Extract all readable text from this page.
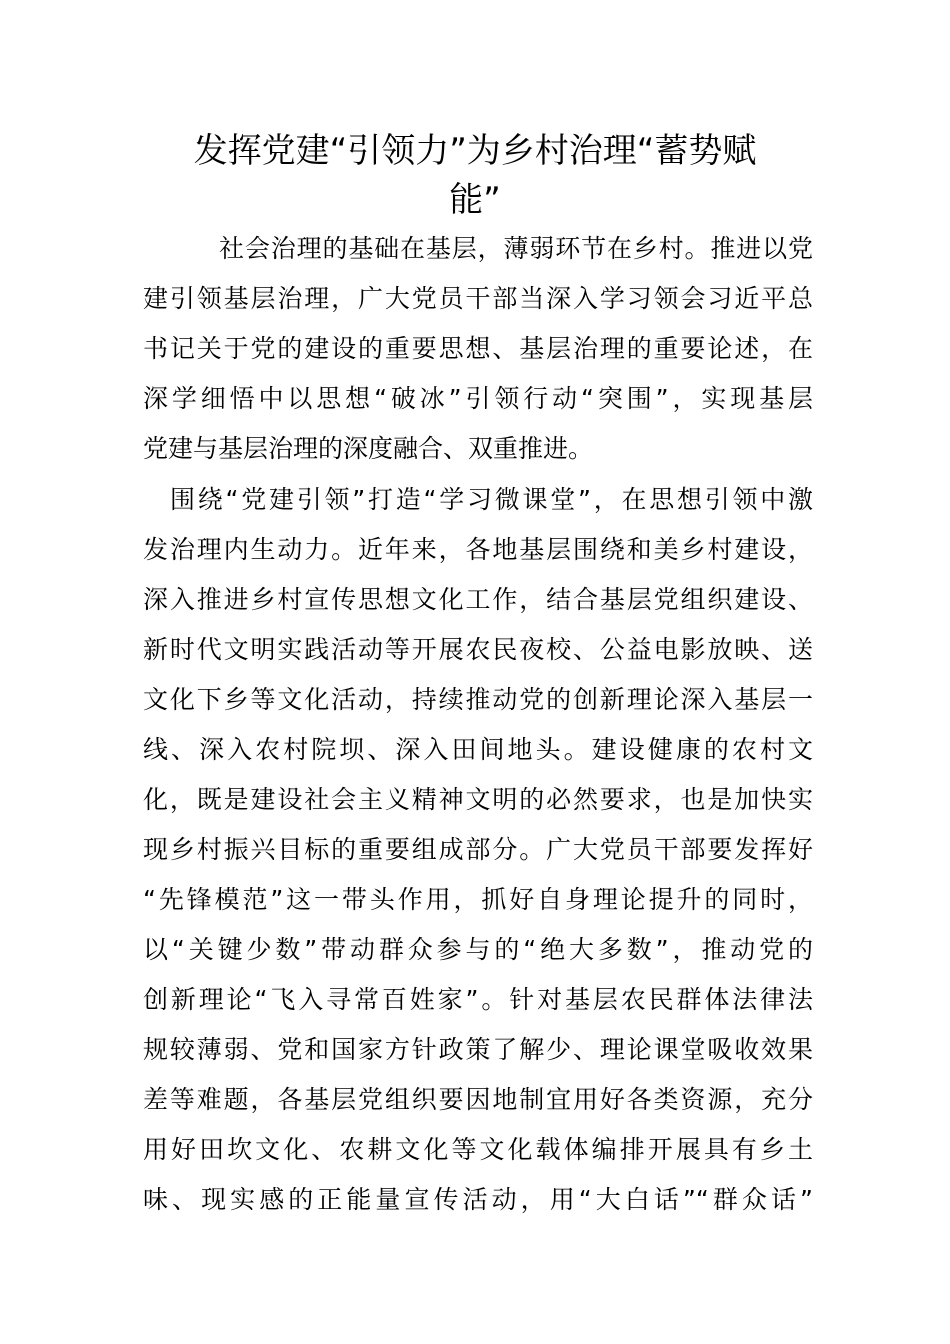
发挥党建“引领力”为乡村治理“蓄势赋
能”
社会治理的基础在基层，薄弱环节在乡村。推进以党
建引领基层治理，广大党员干部当深入学习领会习近平总
书记关于党的建设的重要思想、基层治理的重要论述，在
深学细悟中以思想“破冰”引领行动“突围”，实现基层
党建与基层治理的深度融合、双重推进。
围绕“党建引领”打造“学习微课堂”，在思想引领中激
发治理内生动力。近年来，各地基层围绕和美乡村建设，
深入推进乡村宣传思想文化工作，结合基层党组织建设、
新时代文明实践活动等开展农民夜校、公益电影放映、送
文化下乡等文化活动，持续推动党的创新理论深入基层一
线、深入农村院坝、深入田间地头。建设健康的农村文
化，既是建设社会主义精神文明的必然要求，也是加快实
现乡村振兴目标的重要组成部分。广大党员干部要发挥好
“先锋模范”这一带头作用，抓好自身理论提升的同时，
以“关键少数”带动群众参与的“绝大多数”，推动党的
创新理论“飞入寻常百姓家”。针对基层农民群体法律法
规较薄弱、党和国家方针政策了解少、理论课堂吸收效果
差等难题，各基层党组织要因地制宜用好各类资源，充分
用好田坎文化、农耕文化等文化载体编排开展具有乡土
味、现实感的正能量宣传活动，用“大白话”“群众话”
